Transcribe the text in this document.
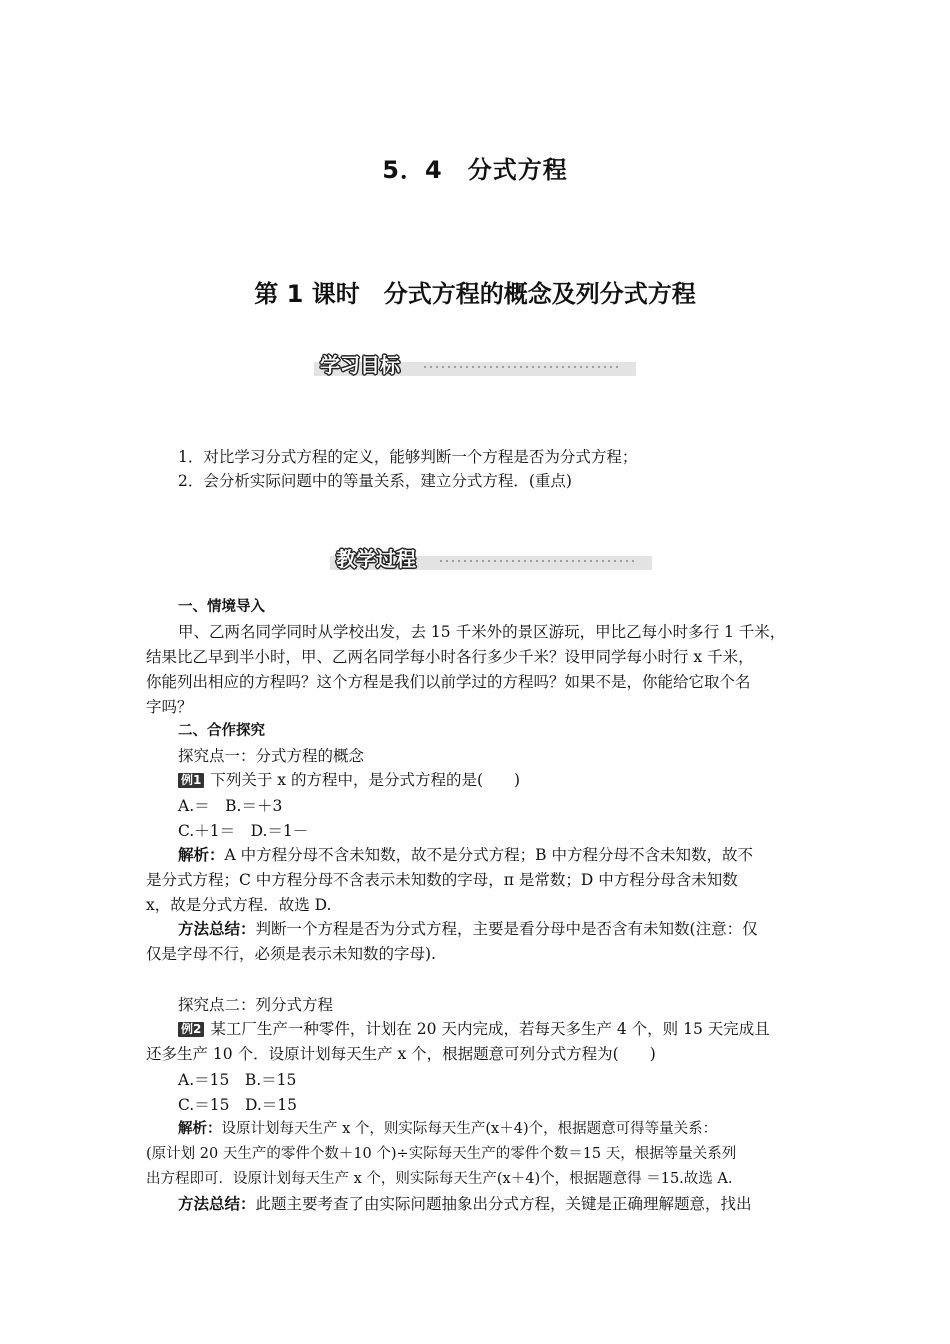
5．4　分式方程
第 1 课时　分式方程的概念及列分式方程
学习目标
1．对比学习分式方程的定义，能够判断一个方程是否为分式方程；
2．会分析实际问题中的等量关系，建立分式方程．(重点)
教学过程
一、情境导入
甲、乙两名同学同时从学校出发，去 15 千米外的景区游玩，甲比乙每小时多行 1 千米，
结果比乙早到半小时，甲、乙两名同学每小时各行多少千米？设甲同学每小时行 x 千米，
你能列出相应的方程吗？这个方程是我们以前学过的方程吗？如果不是，你能给它取个名
字吗？
二、合作探究
探究点一：分式方程的概念
例1 下列关于 x 的方程中，是分式方程的是(　　)
A.＝　B.＝＋3
C.＋1＝　D.＝1－
解析：A 中方程分母不含未知数，故不是分式方程；B 中方程分母不含未知数，故不
是分式方程；C 中方程分母不含表示未知数的字母，π 是常数；D 中方程分母含未知数
x，故是分式方程．故选 D.
方法总结：判断一个方程是否为分式方程，主要是看分母中是否含有未知数(注意：仅
仅是字母不行，必须是表示未知数的字母).
探究点二：列分式方程
例2 某工厂生产一种零件，计划在 20 天内完成，若每天多生产 4 个，则 15 天完成且
还多生产 10 个．设原计划每天生产 x 个，根据题意可列分式方程为(　　)
A.＝15　B.＝15
C.＝15　D.＝15
解析：设原计划每天生产 x 个，则实际每天生产(x＋4)个，根据题意可得等量关系：
(原计划 20 天生产的零件个数＋10 个)÷实际每天生产的零件个数＝15 天，根据等量关系列
出方程即可．设原计划每天生产 x 个，则实际每天生产(x＋4)个，根据题意得 ＝15.故选 A.
方法总结：此题主要考查了由实际问题抽象出分式方程，关键是正确理解题意，找出
